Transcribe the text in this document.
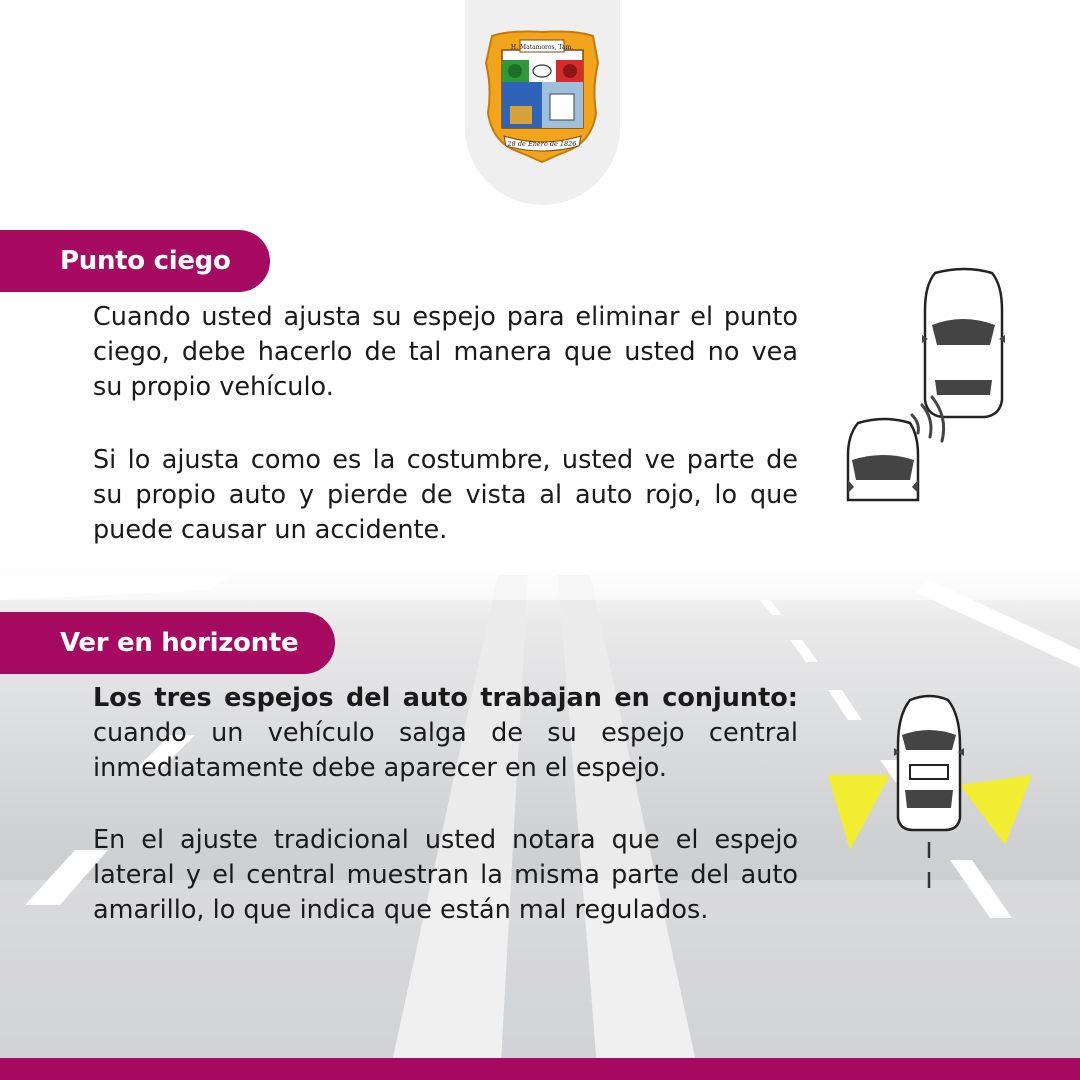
H. Matamoros, Tam.
28 de Enero de 1826
Punto ciego

Cuando usted ajusta su espejo para eliminar el punto ciego, debe hacerlo de tal manera que usted no vea su propio vehículo.

Si lo ajusta como es la costumbre, usted ve parte de su propio auto y pierde de vista al auto rojo, lo que puede causar un accidente.

Ver en horizonte

Los tres espejos del auto trabajan en conjunto: cuando un vehículo salga de su espejo central inmediatamente debe aparecer en el espejo.

En el ajuste tradicional usted notara que el espejo lateral y el central muestran la misma parte del auto amarillo, lo que indica que están mal regulados.
